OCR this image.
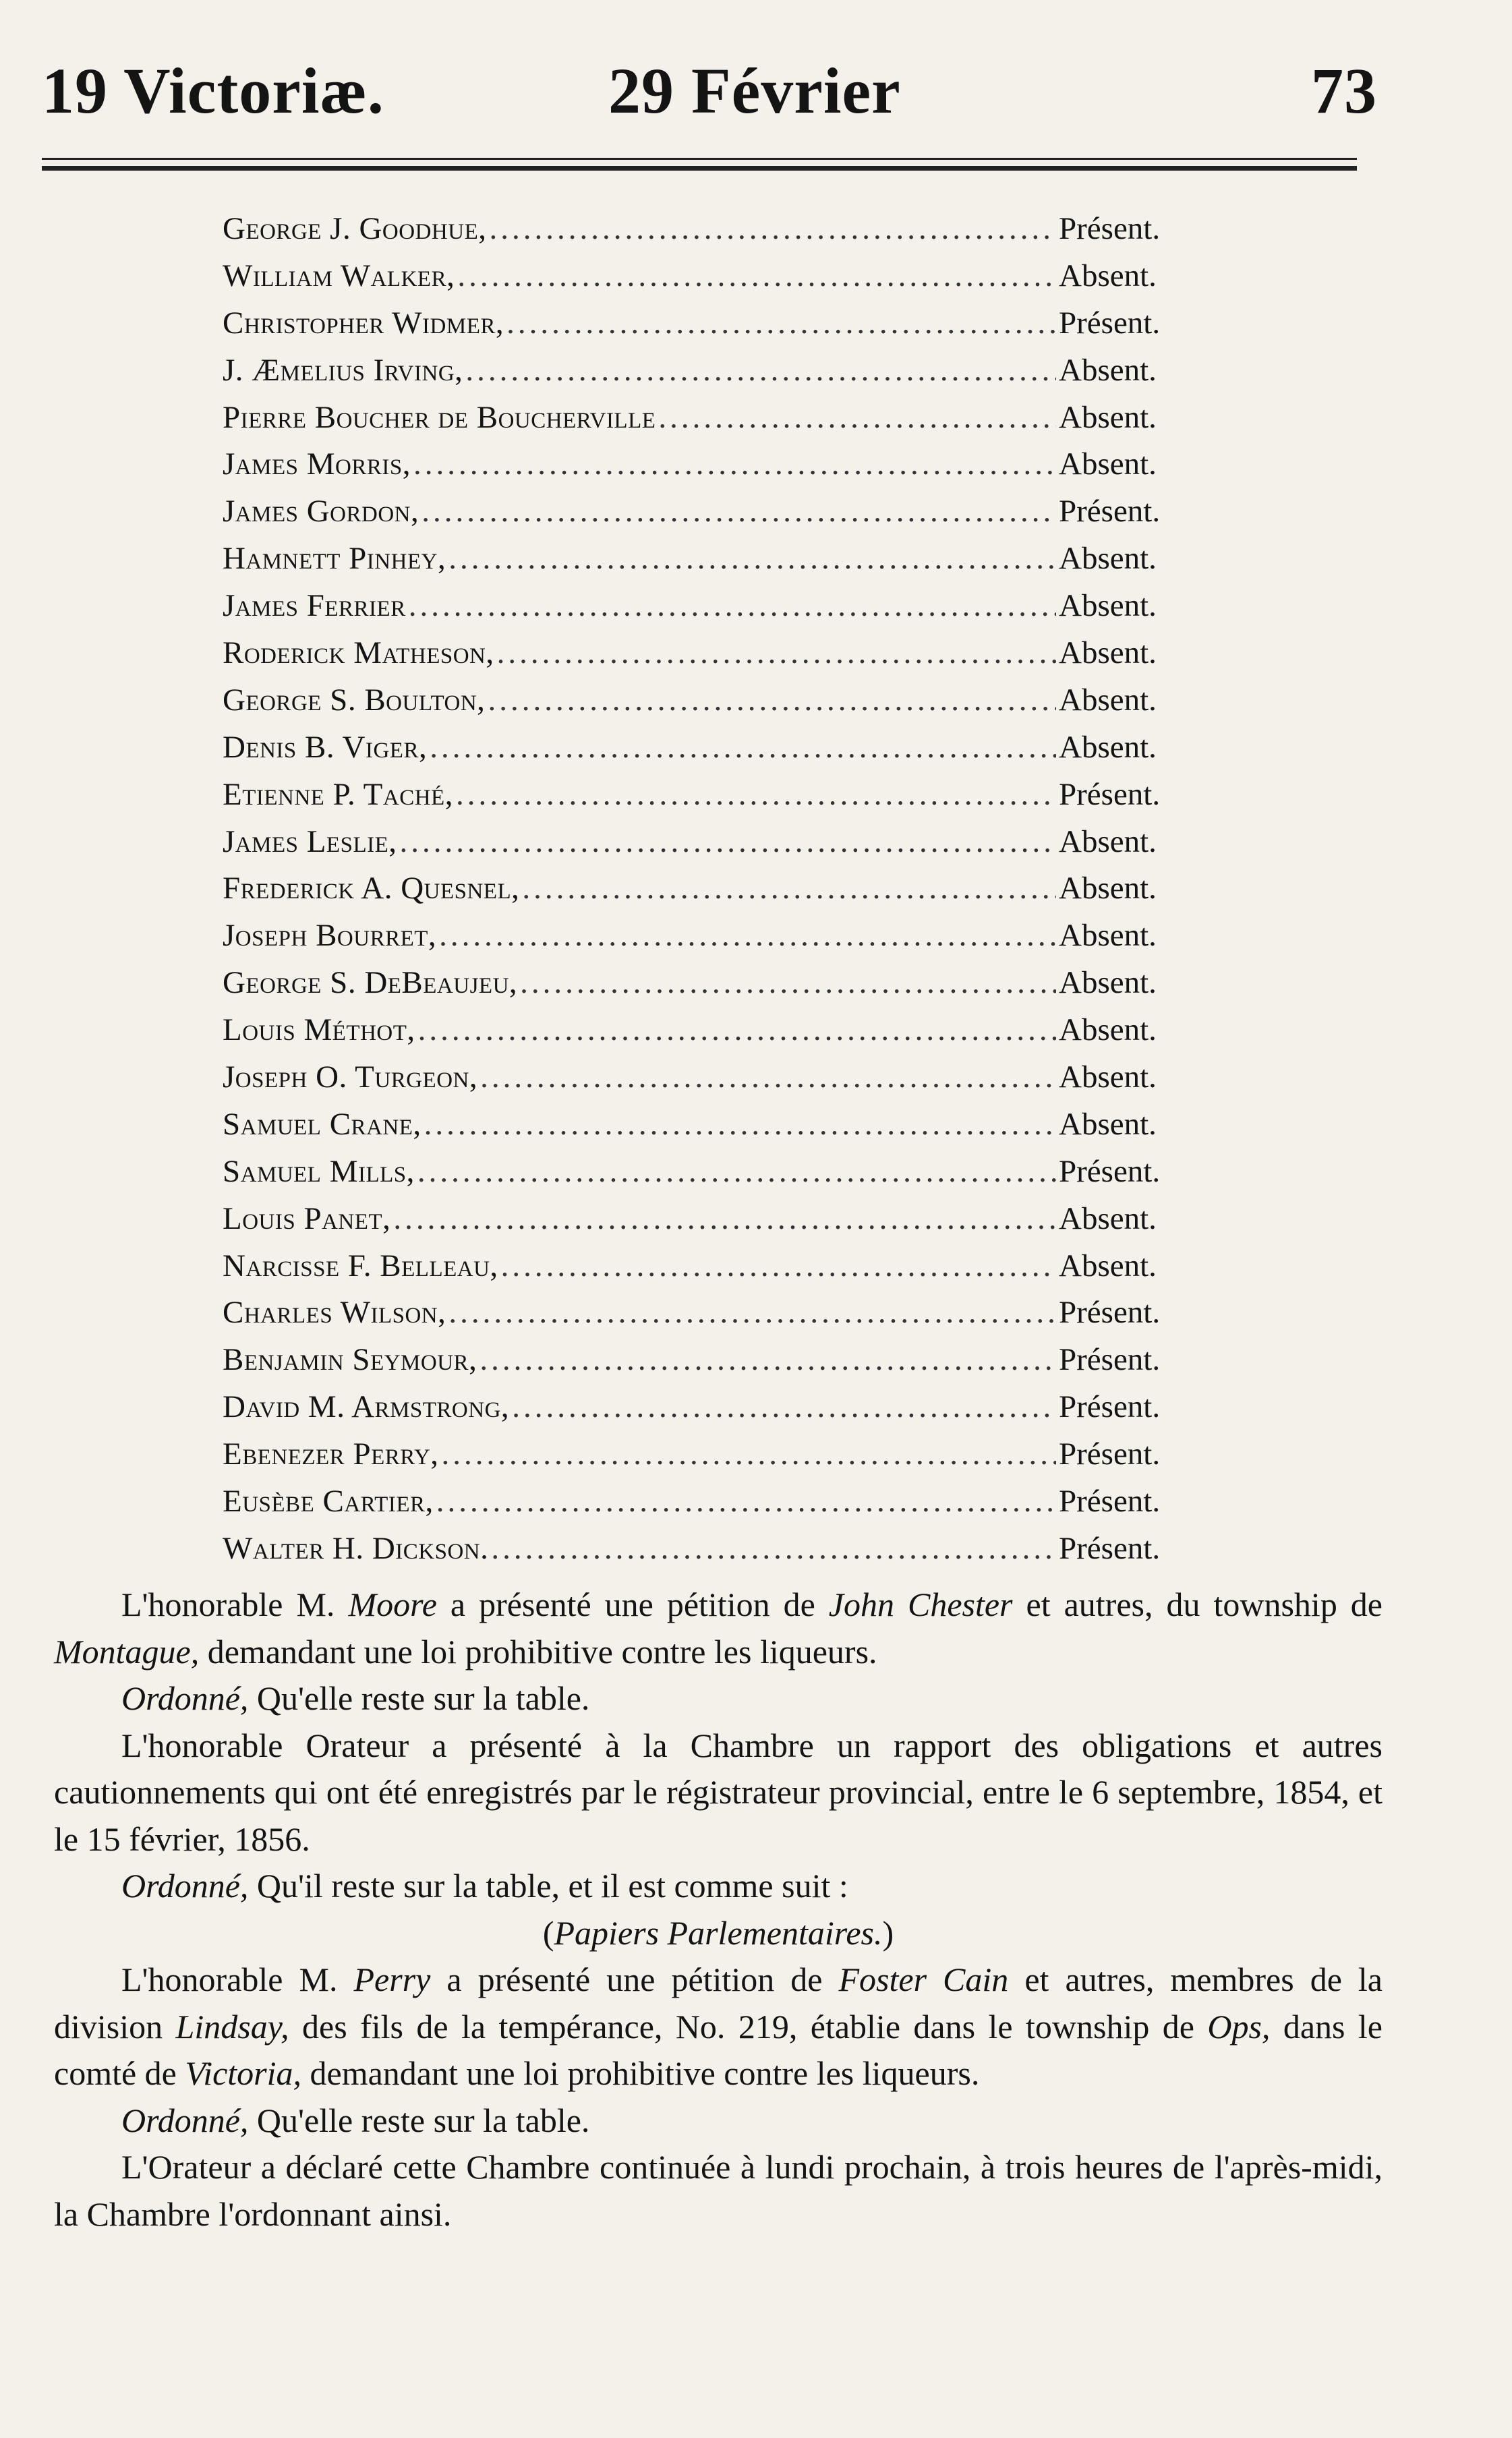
19 Victoriæ.	29 Février	73
George J. Goodhue, .....	Présent.
William Walker, .....	Absent.
Christopher Widmer, .....	Présent.
J. Æmelius Irving, .....	Absent.
Pierre Boucher de Boucherville .....	Absent.
James Morris, .....	Absent.
James Gordon, .....	Présent.
Hamnett Pinhey, .....	Absent.
James Ferrier .....	Absent.
Roderick Matheson, .....	Absent.
George S. Boulton, .....	Absent.
Denis B. Viger, .....	Absent.
Etienne P. Taché, .....	Présent.
James Leslie, .....	Absent.
Frederick A. Quesnel, .....	Absent.
Joseph Bourret, .....	Absent.
George S. DeBeaujeu, .....	Absent.
Louis Méthot, .....	Absent.
Joseph O. Turgeon, .....	Absent.
Samuel Crane, .....	Absent.
Samuel Mills, .....	Présent.
Louis Panet, .....	Absent.
Narcisse F. Belleau, .....	Absent.
Charles Wilson, .....	Présent.
Benjamin Seymour, .....	Présent.
David M. Armstrong, .....	Présent.
Ebenezer Perry, .....	Présent.
Eusèbe Cartier, .....	Présent.
Walter H. Dickson. .....	Présent.

L'honorable M. Moore a présenté une pétition de John Chester et autres, du township de Montague, demandant une loi prohibitive contre les liqueurs.

Ordonné, Qu'elle reste sur la table.

L'honorable Orateur a présenté à la Chambre un rapport des obligations et autres cautionnements qui ont été enregistrés par le régistrateur provincial, entre le 6 septembre, 1854, et le 15 février, 1856.

Ordonné, Qu'il reste sur la table, et il est comme suit :

(Papiers Parlementaires.)

L'honorable M. Perry a présenté une pétition de Foster Cain et autres, membres de la division Lindsay, des fils de la tempérance, No. 219, établie dans le township de Ops, dans le comté de Victoria, demandant une loi prohibitive contre les liqueurs.

Ordonné, Qu'elle reste sur la table.

L'Orateur a déclaré cette Chambre continuée à lundi prochain, à trois heures de l'après-midi, la Chambre l'ordonnant ainsi.
